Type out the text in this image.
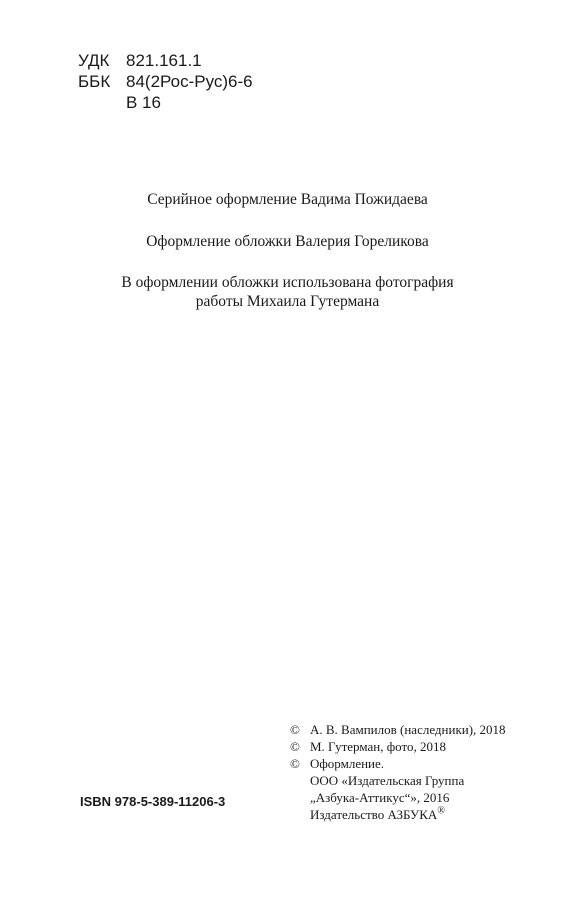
УДК 821.161.1
ББК 84(2Рос-Рус)6-6
В 16
Серийное оформление Вадима Пожидаева
Оформление обложки Валерия Гореликова
В оформлении обложки использована фотография
работы Михаила Гутермана
© А. В. Вампилов (наследники), 2018
© М. Гутерман, фото, 2018
© Оформление.
ООО «Издательская Группа
„Азбука-Аттикус“», 2016
Издательство АЗБУКА®
ISBN 978-5-389-11206-3
